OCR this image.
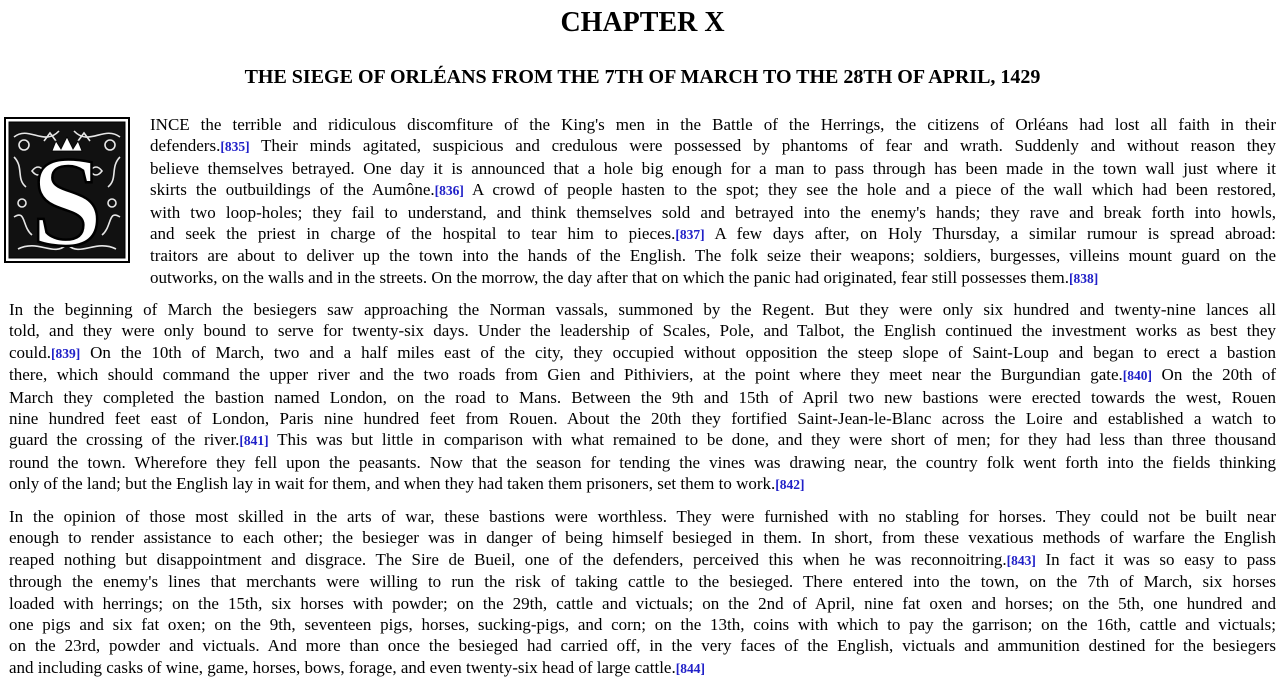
CHAPTER X
THE SIEGE OF ORLÉANS FROM THE 7TH OF MARCH TO THE 28TH OF APRIL, 1429

INCE the terrible and ridiculous discomfiture of the King's men in the Battle of the Herrings, the citizens of Orléans had lost all faith in their
defenders.[835] Their minds agitated, suspicious and credulous were possessed by phantoms of fear and wrath. Suddenly and without reason they
believe themselves betrayed. One day it is announced that a hole big enough for a man to pass through has been made in the town wall just where it
skirts the outbuildings of the Aumône.[836] A crowd of people hasten to the spot; they see the hole and a piece of the wall which had been restored,
with two loop-holes; they fail to understand, and think themselves sold and betrayed into the enemy's hands; they rave and break forth into howls,
and seek the priest in charge of the hospital to tear him to pieces.[837] A few days after, on Holy Thursday, a similar rumour is spread abroad:
traitors are about to deliver up the town into the hands of the English. The folk seize their weapons; soldiers, burgesses, villeins mount guard on the
outworks, on the walls and in the streets. On the morrow, the day after that on which the panic had originated, fear still possesses them.[838]

In the beginning of March the besiegers saw approaching the Norman vassals, summoned by the Regent. But they were only six hundred and twenty-nine lances all
told, and they were only bound to serve for twenty-six days. Under the leadership of Scales, Pole, and Talbot, the English continued the investment works as best they
could.[839] On the 10th of March, two and a half miles east of the city, they occupied without opposition the steep slope of Saint-Loup and began to erect a bastion
there, which should command the upper river and the two roads from Gien and Pithiviers, at the point where they meet near the Burgundian gate.[840] On the 20th of
March they completed the bastion named London, on the road to Mans. Between the 9th and 15th of April two new bastions were erected towards the west, Rouen
nine hundred feet east of London, Paris nine hundred feet from Rouen. About the 20th they fortified Saint-Jean-le-Blanc across the Loire and established a watch to
guard the crossing of the river.[841] This was but little in comparison with what remained to be done, and they were short of men; for they had less than three thousand
round the town. Wherefore they fell upon the peasants. Now that the season for tending the vines was drawing near, the country folk went forth into the fields thinking
only of the land; but the English lay in wait for them, and when they had taken them prisoners, set them to work.[842]

In the opinion of those most skilled in the arts of war, these bastions were worthless. They were furnished with no stabling for horses. They could not be built near
enough to render assistance to each other; the besieger was in danger of being himself besieged in them. In short, from these vexatious methods of warfare the English
reaped nothing but disappointment and disgrace. The Sire de Bueil, one of the defenders, perceived this when he was reconnoitring.[843] In fact it was so easy to pass
through the enemy's lines that merchants were willing to run the risk of taking cattle to the besieged. There entered into the town, on the 7th of March, six horses
loaded with herrings; on the 15th, six horses with powder; on the 29th, cattle and victuals; on the 2nd of April, nine fat oxen and horses; on the 5th, one hundred and
one pigs and six fat oxen; on the 9th, seventeen pigs, horses, sucking-pigs, and corn; on the 13th, coins with which to pay the garrison; on the 16th, cattle and victuals;
on the 23rd, powder and victuals. And more than once the besieged had carried off, in the very faces of the English, victuals and ammunition destined for the besiegers
and including casks of wine, game, horses, bows, forage, and even twenty-six head of large cattle.[844]

S
